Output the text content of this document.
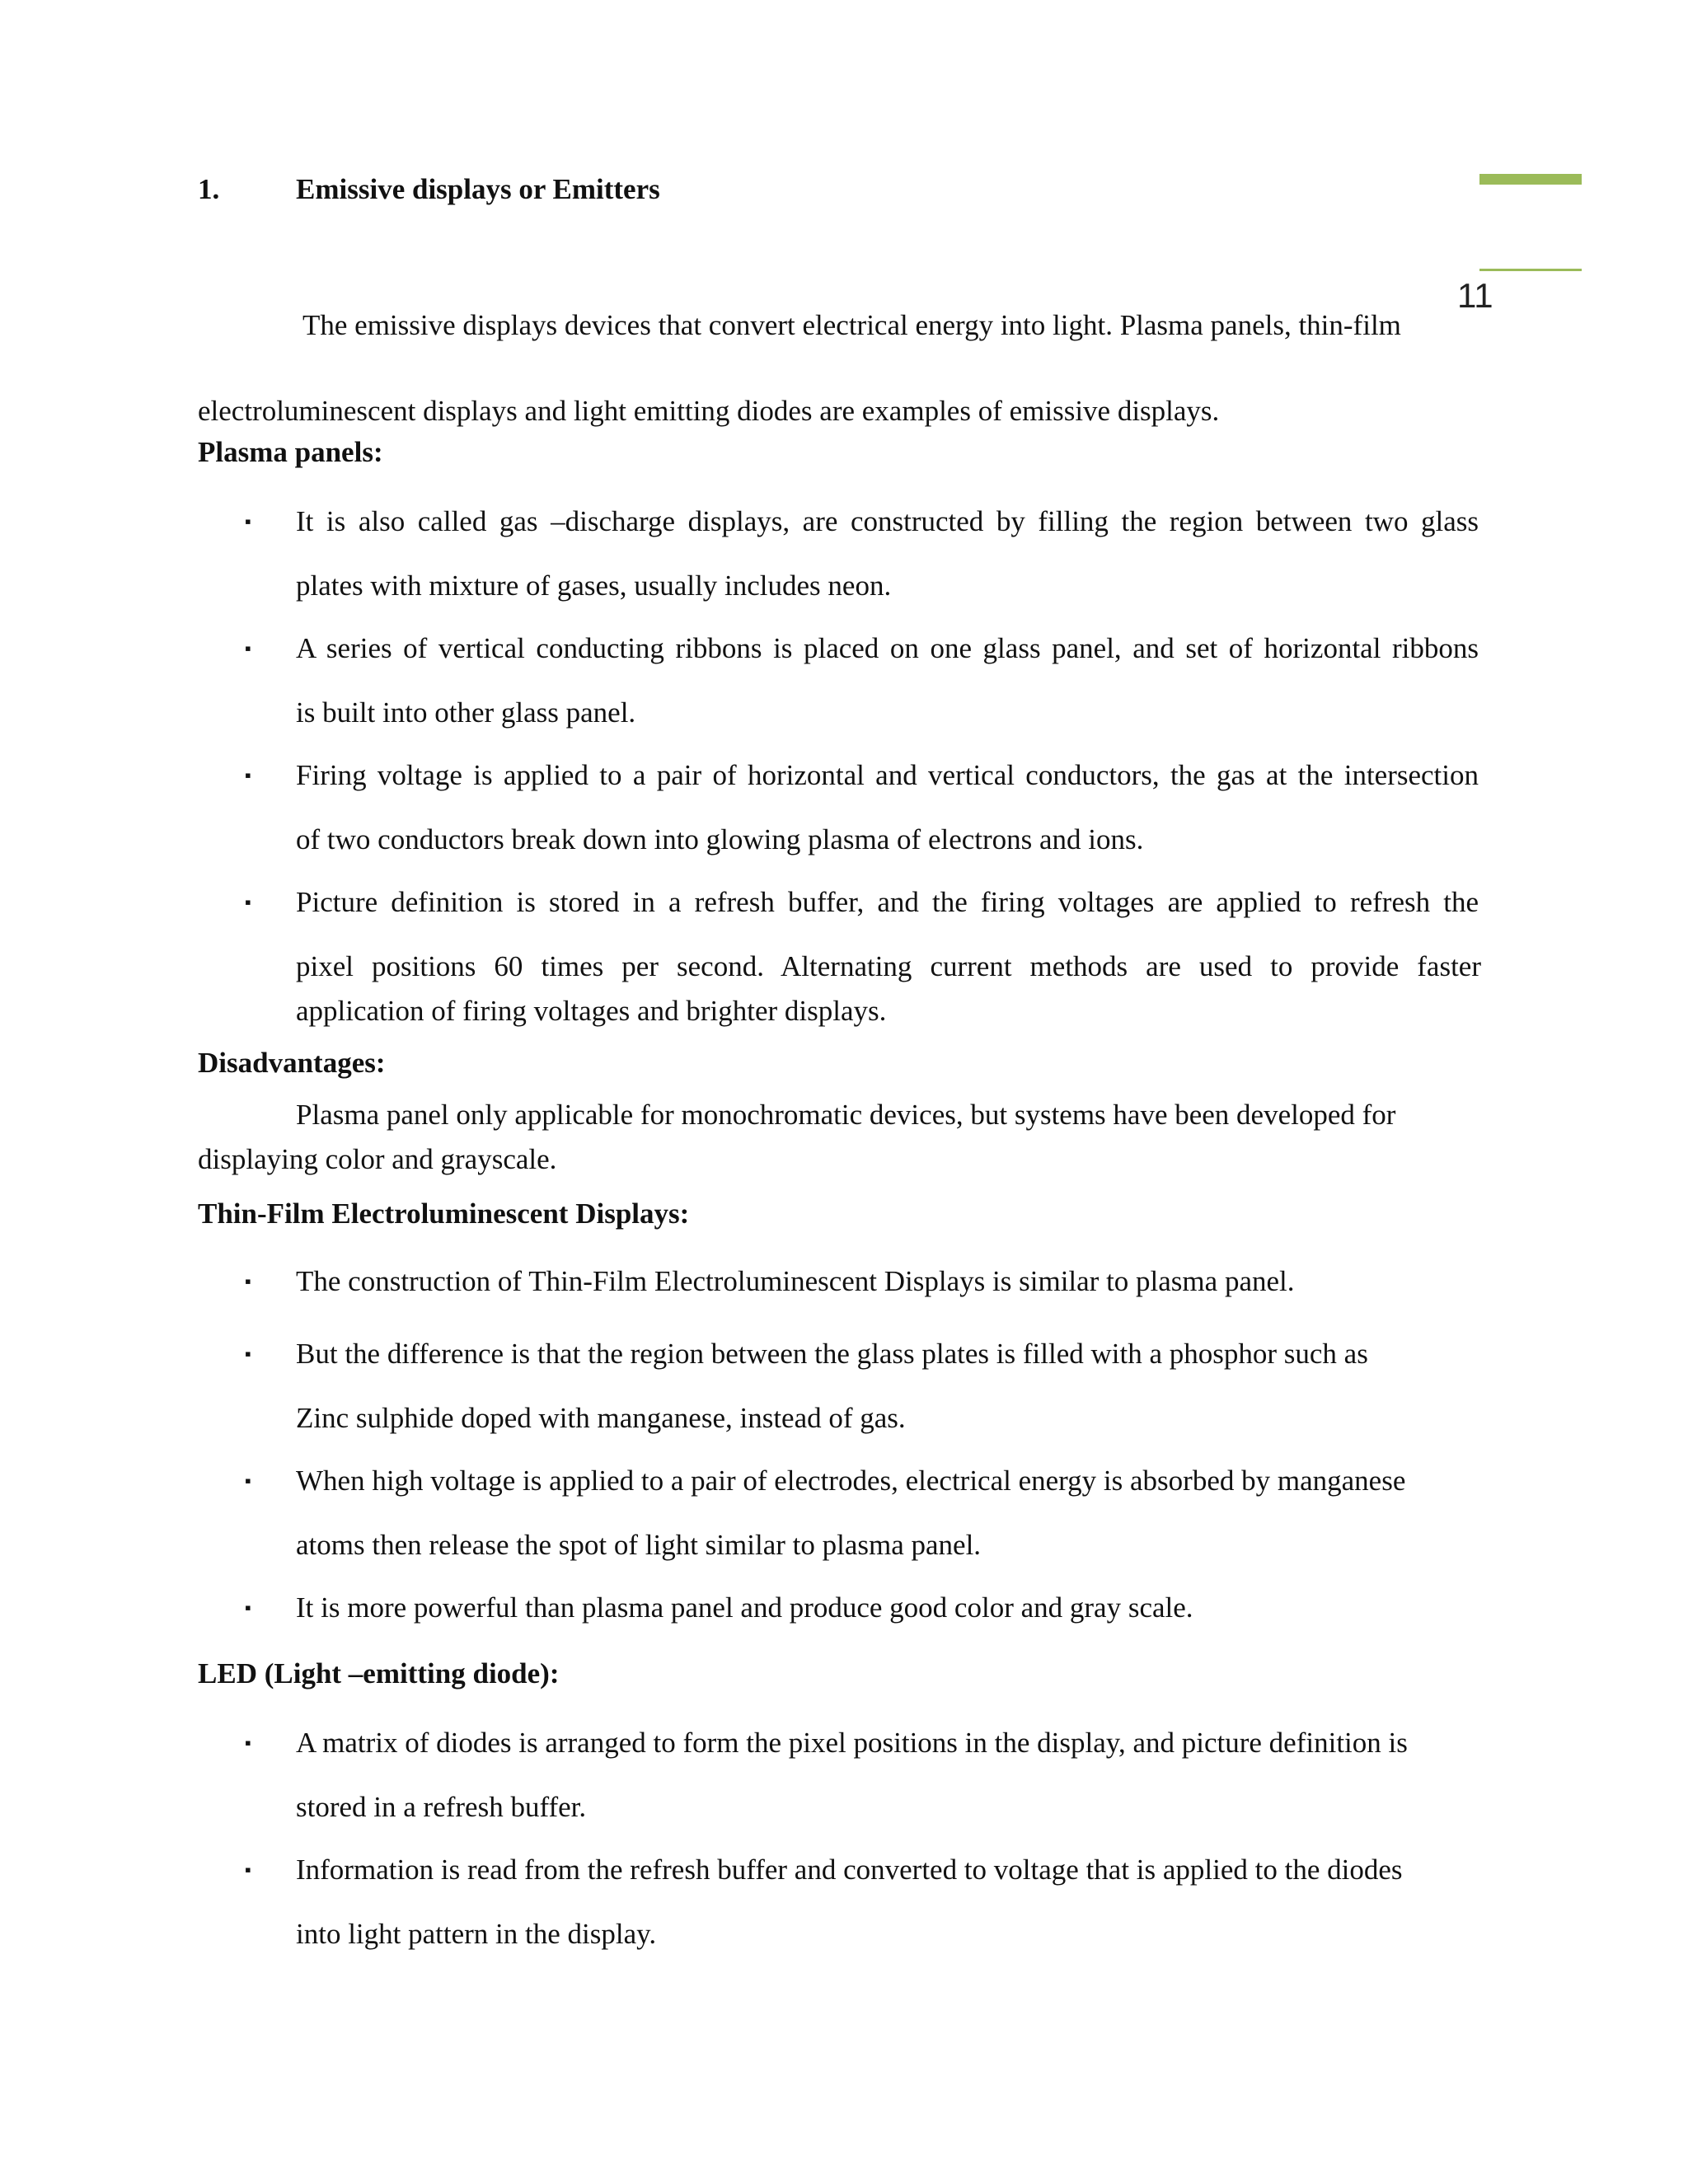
11
1.	Emissive displays or Emitters
The emissive displays devices that convert electrical energy into light. Plasma panels, thin-film
electroluminescent displays and light emitting diodes are examples of emissive displays.
Plasma panels:
▪ It is also called gas –discharge displays, are constructed by filling the region between two glass
plates with mixture of gases, usually includes neon.
▪ A series of vertical conducting ribbons is placed on one glass panel, and set of horizontal ribbons
is built into other glass panel.
▪ Firing voltage is applied to a pair of horizontal and vertical conductors, the gas at the intersection
of two conductors break down into glowing plasma of electrons and ions.
▪ Picture definition is stored in a refresh buffer, and the firing voltages are applied to refresh the
pixel positions 60 times per second. Alternating current methods are used to provide faster
application of firing voltages and brighter displays.
Disadvantages:
Plasma panel only applicable for monochromatic devices, but systems have been developed for
displaying color and grayscale.
Thin-Film Electroluminescent Displays:
▪ The construction of Thin-Film Electroluminescent Displays is similar to plasma panel.
▪ But the difference is that the region between the glass plates is filled with a phosphor such as
Zinc sulphide doped with manganese, instead of gas.
▪ When high voltage is applied to a pair of electrodes, electrical energy is absorbed by manganese
atoms then release the spot of light similar to plasma panel.
▪ It is more powerful than plasma panel and produce good color and gray scale.
LED (Light –emitting diode):
▪ A matrix of diodes is arranged to form the pixel positions in the display, and picture definition is
stored in a refresh buffer.
▪ Information is read from the refresh buffer and converted to voltage that is applied to the diodes
into light pattern in the display.
